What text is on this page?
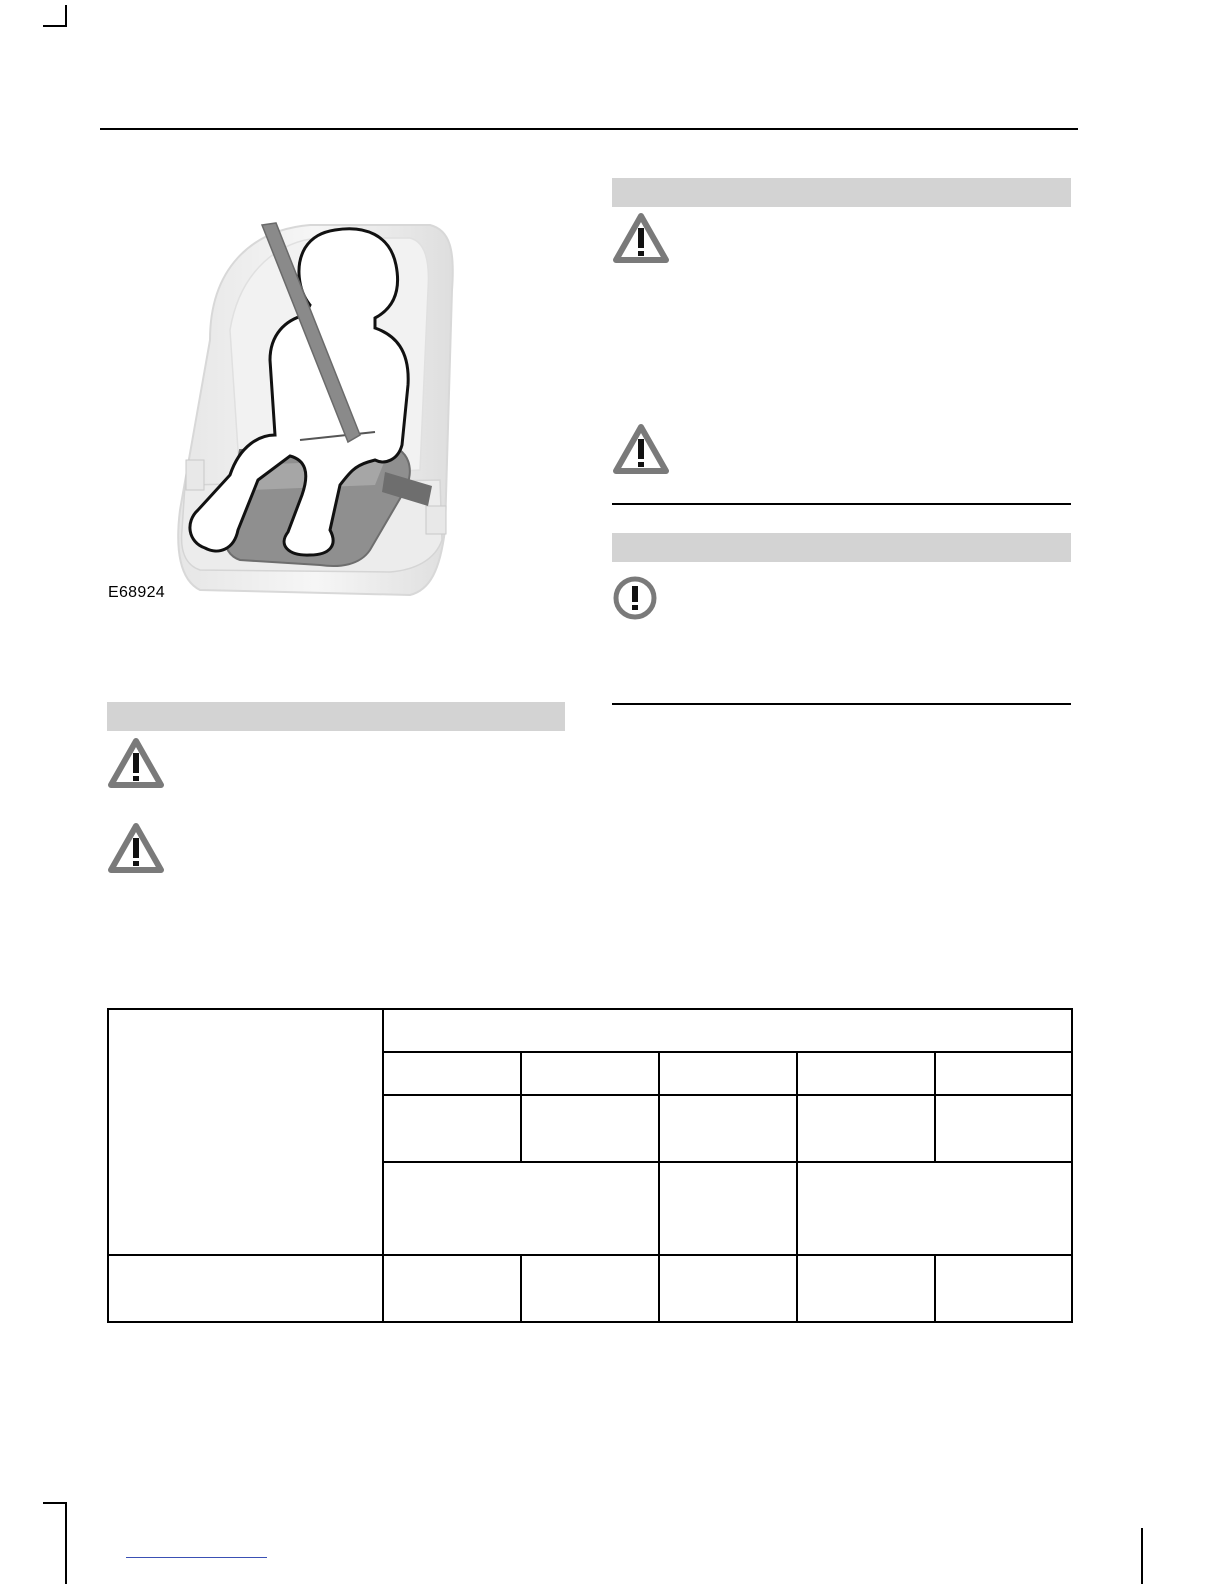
E68924
